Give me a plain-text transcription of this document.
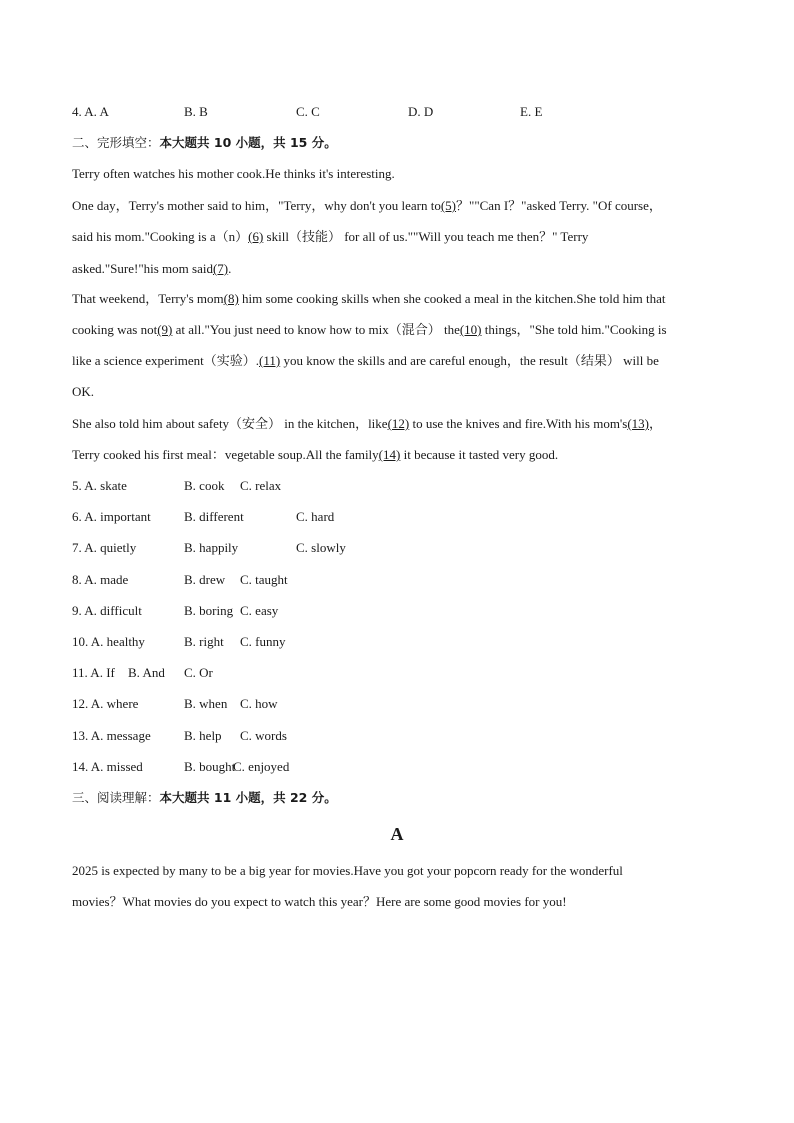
4. A. A	B. B	C. C	D. D	E. E
二、完形填空：本大题共 10 小题，共 15 分。
Terry often watches his mother cook.He thinks it's interesting.
One day，Terry's mother said to him，"Terry，why don't you learn to(5)？""Can I？"asked Terry. "Of course，
said his mom."Cooking is a（n）(6) skill（技能） for all of us.""Will you teach me then？" Terry
asked."Sure!"his mom said(7).
That weekend，Terry's mom(8) him some cooking skills when she cooked a meal in the kitchen.She told him that
cooking was not(9) at all."You just need to know how to mix（混合） the(10) things，"She told him."Cooking is
like a science experiment（实验）.(11) you know the skills and are careful enough，the result（结果） will be
OK.
She also told him about safety（安全） in the kitchen，like(12) to use the knives and fire.With his mom's(13)，
Terry cooked his first meal：vegetable soup.All the family(14) it because it tasted very good.
5. A. skate	B. cook C. relax
6. A. important	B. different	C. hard
7. A. quietly	B. happily	C. slowly
8. A. made	B. drew C. taught
9. A. difficult	B. boring C. easy
10. A. healthy	B. right C. funny
11. A. If B. And C. Or
12. A. where	B. when C. how
13. A. message	B. help C. words
14. A. missed	B. bought
C. enjoyed
三、阅读理解：本大题共 11 小题，共 22 分。
A
2025 is expected by many to be a big year for movies.Have you got your popcorn ready for the wonderful
movies？What movies do you expect to watch this year？Here are some good movies for you!
